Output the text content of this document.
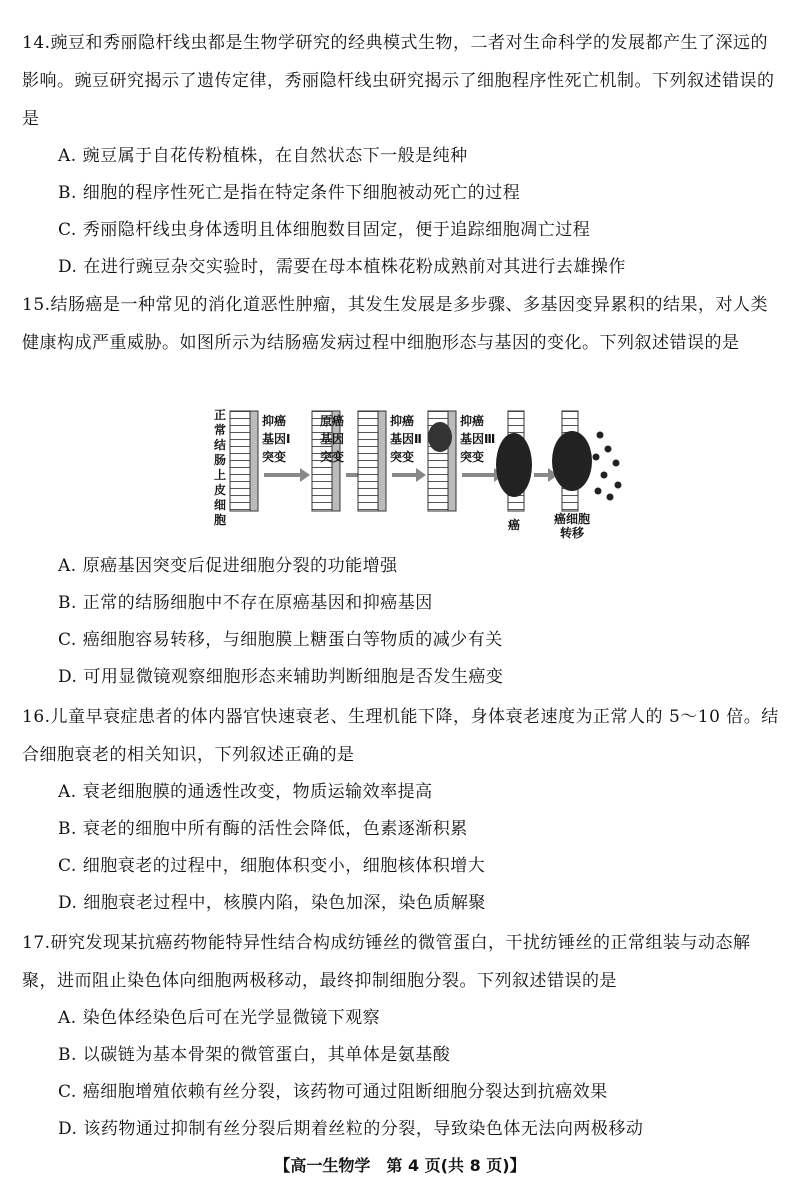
14.豌豆和秀丽隐杆线虫都是生物学研究的经典模式生物，二者对生命科学的发展都产生了深远的影响。豌豆研究揭示了遗传定律，秀丽隐杆线虫研究揭示了细胞程序性死亡机制。下列叙述错误的是

A. 豌豆属于自花传粉植株，在自然状态下一般是纯种

B. 细胞的程序性死亡是指在特定条件下细胞被动死亡的过程

C. 秀丽隐杆线虫身体透明且体细胞数目固定，便于追踪细胞凋亡过程

D. 在进行豌豆杂交实验时，需要在母本植株花粉成熟前对其进行去雄操作

15.结肠癌是一种常见的消化道恶性肿瘤，其发生发展是多步骤、多基因变异累积的结果，对人类健康构成严重威胁。如图所示为结肠癌发病过程中细胞形态与基因的变化。下列叙述错误的是

正
常
结
肠
上
皮
细
胞
抑癌
基因Ⅰ
突变
原癌
基因
突变
抑癌
基因Ⅱ
突变
抑癌
基因Ⅲ
突变
癌	癌细胞
转移

A. 原癌基因突变后促进细胞分裂的功能增强

B. 正常的结肠细胞中不存在原癌基因和抑癌基因

C. 癌细胞容易转移，与细胞膜上糖蛋白等物质的减少有关

D. 可用显微镜观察细胞形态来辅助判断细胞是否发生癌变

16.儿童早衰症患者的体内器官快速衰老、生理机能下降，身体衰老速度为正常人的 5～10 倍。结合细胞衰老的相关知识，下列叙述正确的是

A. 衰老细胞膜的通透性改变，物质运输效率提高

B. 衰老的细胞中所有酶的活性会降低，色素逐渐积累

C. 细胞衰老的过程中，细胞体积变小，细胞核体积增大

D. 细胞衰老过程中，核膜内陷，染色加深，染色质解聚

17.研究发现某抗癌药物能特异性结合构成纺锤丝的微管蛋白，干扰纺锤丝的正常组装与动态解聚，进而阻止染色体向细胞两极移动，最终抑制细胞分裂。下列叙述错误的是

A. 染色体经染色后可在光学显微镜下观察

B. 以碳链为基本骨架的微管蛋白，其单体是氨基酸

C. 癌细胞增殖依赖有丝分裂，该药物可通过阻断细胞分裂达到抗癌效果

D. 该药物通过抑制有丝分裂后期着丝粒的分裂，导致染色体无法向两极移动

【高一生物学　第 4 页(共 8 页)】
